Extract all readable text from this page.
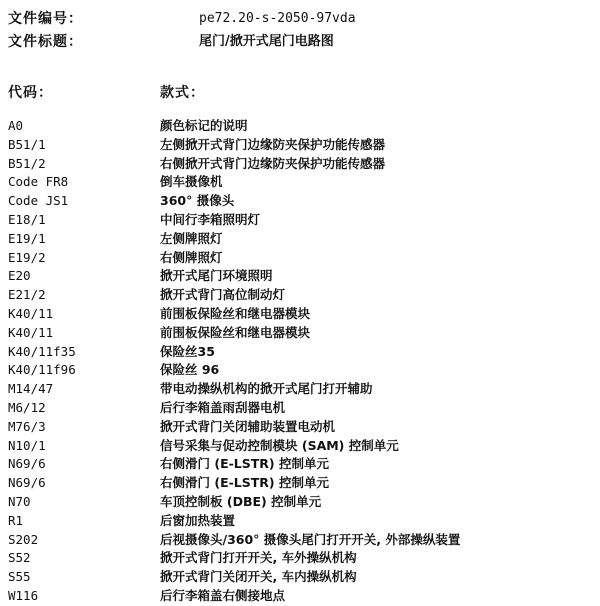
文件编号：	pe72.20-s-2050-97vda
文件标题：	尾门/掀开式尾门电路图
代码：	款式：
A0	颜色标记的说明
B51/1	左侧掀开式背门边缘防夹保护功能传感器
B51/2	右侧掀开式背门边缘防夹保护功能传感器
Code FR8	倒车摄像机
Code JS1	360° 摄像头
E18/1	中间行李箱照明灯
E19/1	左侧牌照灯
E19/2	右侧牌照灯
E20	掀开式尾门环境照明
E21/2	掀开式背门高位制动灯
K40/11	前围板保险丝和继电器模块
K40/11	前围板保险丝和继电器模块
K40/11f35	保险丝35
K40/11f96	保险丝 96
M14/47	带电动操纵机构的掀开式尾门打开辅助
M6/12	后行李箱盖雨刮器电机
M76/3	掀开式背门关闭辅助装置电动机
N10/1	信号采集与促动控制模块 (SAM) 控制单元
N69/6	右侧滑门 (E-LSTR) 控制单元
N69/6	右侧滑门 (E-LSTR) 控制单元
N70	车顶控制板 (DBE) 控制单元
R1	后窗加热装置
S202	后视摄像头/360° 摄像头尾门打开开关, 外部操纵装置
S52	掀开式背门打开开关, 车外操纵机构
S55	掀开式背门关闭开关, 车内操纵机构
W116	后行李箱盖右侧接地点
